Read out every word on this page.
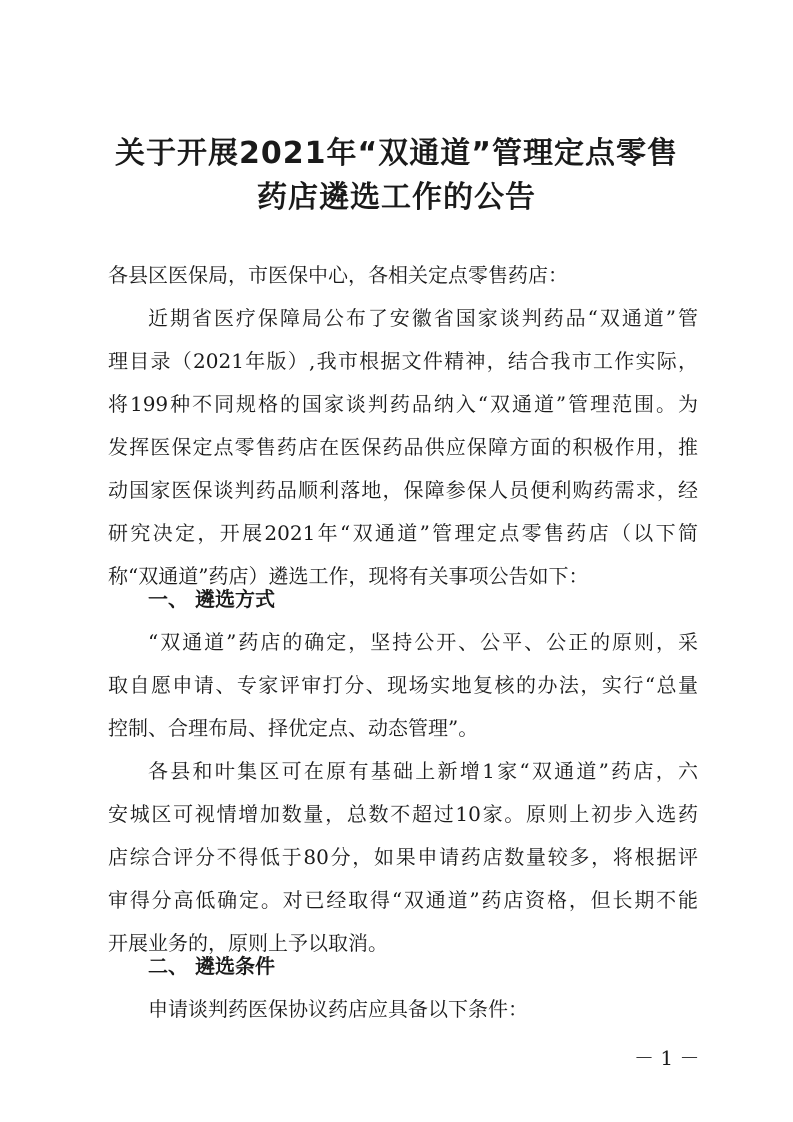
关于开展2021年“双通道”管理定点零售
药店遴选工作的公告

各县区医保局，市医保中心，各相关定点零售药店：

近期省医疗保障局公布了安徽省国家谈判药品“双通道”管

理目录（2021年版）,我市根据文件精神，结合我市工作实际，

将199种不同规格的国家谈判药品纳入“双通道”管理范围。为

发挥医保定点零售药店在医保药品供应保障方面的积极作用，推

动国家医保谈判药品顺利落地，保障参保人员便利购药需求，经

研究决定，开展2021年“双通道”管理定点零售药店（以下简

称“双通道”药店）遴选工作，现将有关事项公告如下：

一、 遴选方式

“双通道”药店的确定，坚持公开、公平、公正的原则，采

取自愿申请、专家评审打分、现场实地复核的办法，实行“总量

控制、合理布局、择优定点、动态管理”。

各县和叶集区可在原有基础上新增1家“双通道”药店，六

安城区可视情增加数量，总数不超过10家。原则上初步入选药

店综合评分不得低于80分，如果申请药店数量较多，将根据评

审得分高低确定。对已经取得“双通道”药店资格，但长期不能

开展业务的，原则上予以取消。

二、 遴选条件

申请谈判药医保协议药店应具备以下条件：

－ 1 －
